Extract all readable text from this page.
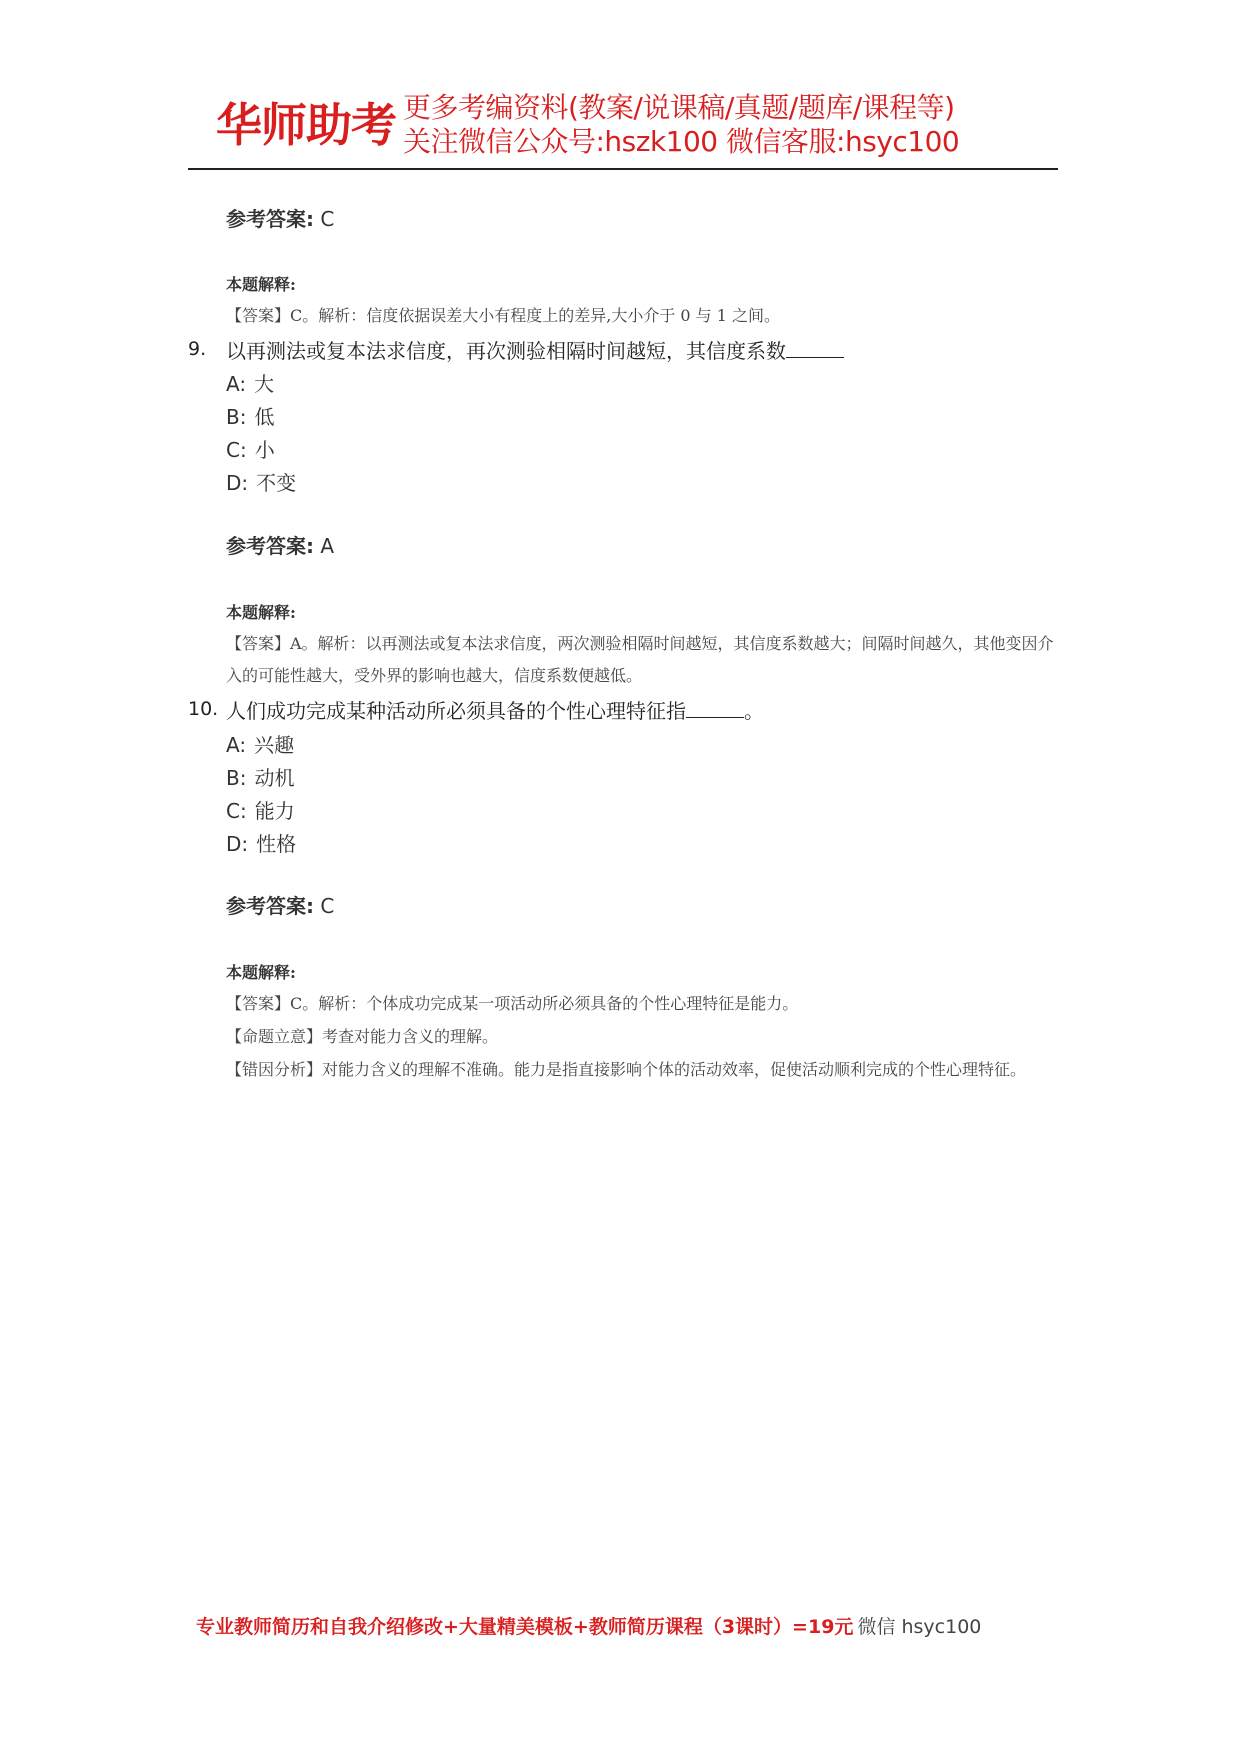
华师助考 更多考编资料(教案/说课稿/真题/题库/课程等)
关注微信公众号:hszk100 微信客服:hsyc100
参考答案: C
本题解释:
【答案】C。解析：信度依据误差大小有程度上的差异,大小介于 0 与 1 之间。
9. 以再测法或复本法求信度，再次测验相隔时间越短，其信度系数
A: 大
B: 低
C: 小
D: 不变
参考答案: A
本题解释:
【答案】A。解析：以再测法或复本法求信度，两次测验相隔时间越短，其信度系数越大；间隔时间越久，其他变因介入的可能性越大，受外界的影响也越大，信度系数便越低。
10. 人们成功完成某种活动所必须具备的个性心理特征指	。
A: 兴趣
B: 动机
C: 能力
D: 性格
参考答案: C
本题解释:
【答案】C。解析：个体成功完成某一项活动所必须具备的个性心理特征是能力。
【命题立意】考查对能力含义的理解。
【错因分析】对能力含义的理解不准确。能力是指直接影响个体的活动效率，促使活动顺利完成的个性心理特征。
专业教师简历和自我介绍修改+大量精美模板+教师简历课程（3课时）=19元 微信 hsyc100
